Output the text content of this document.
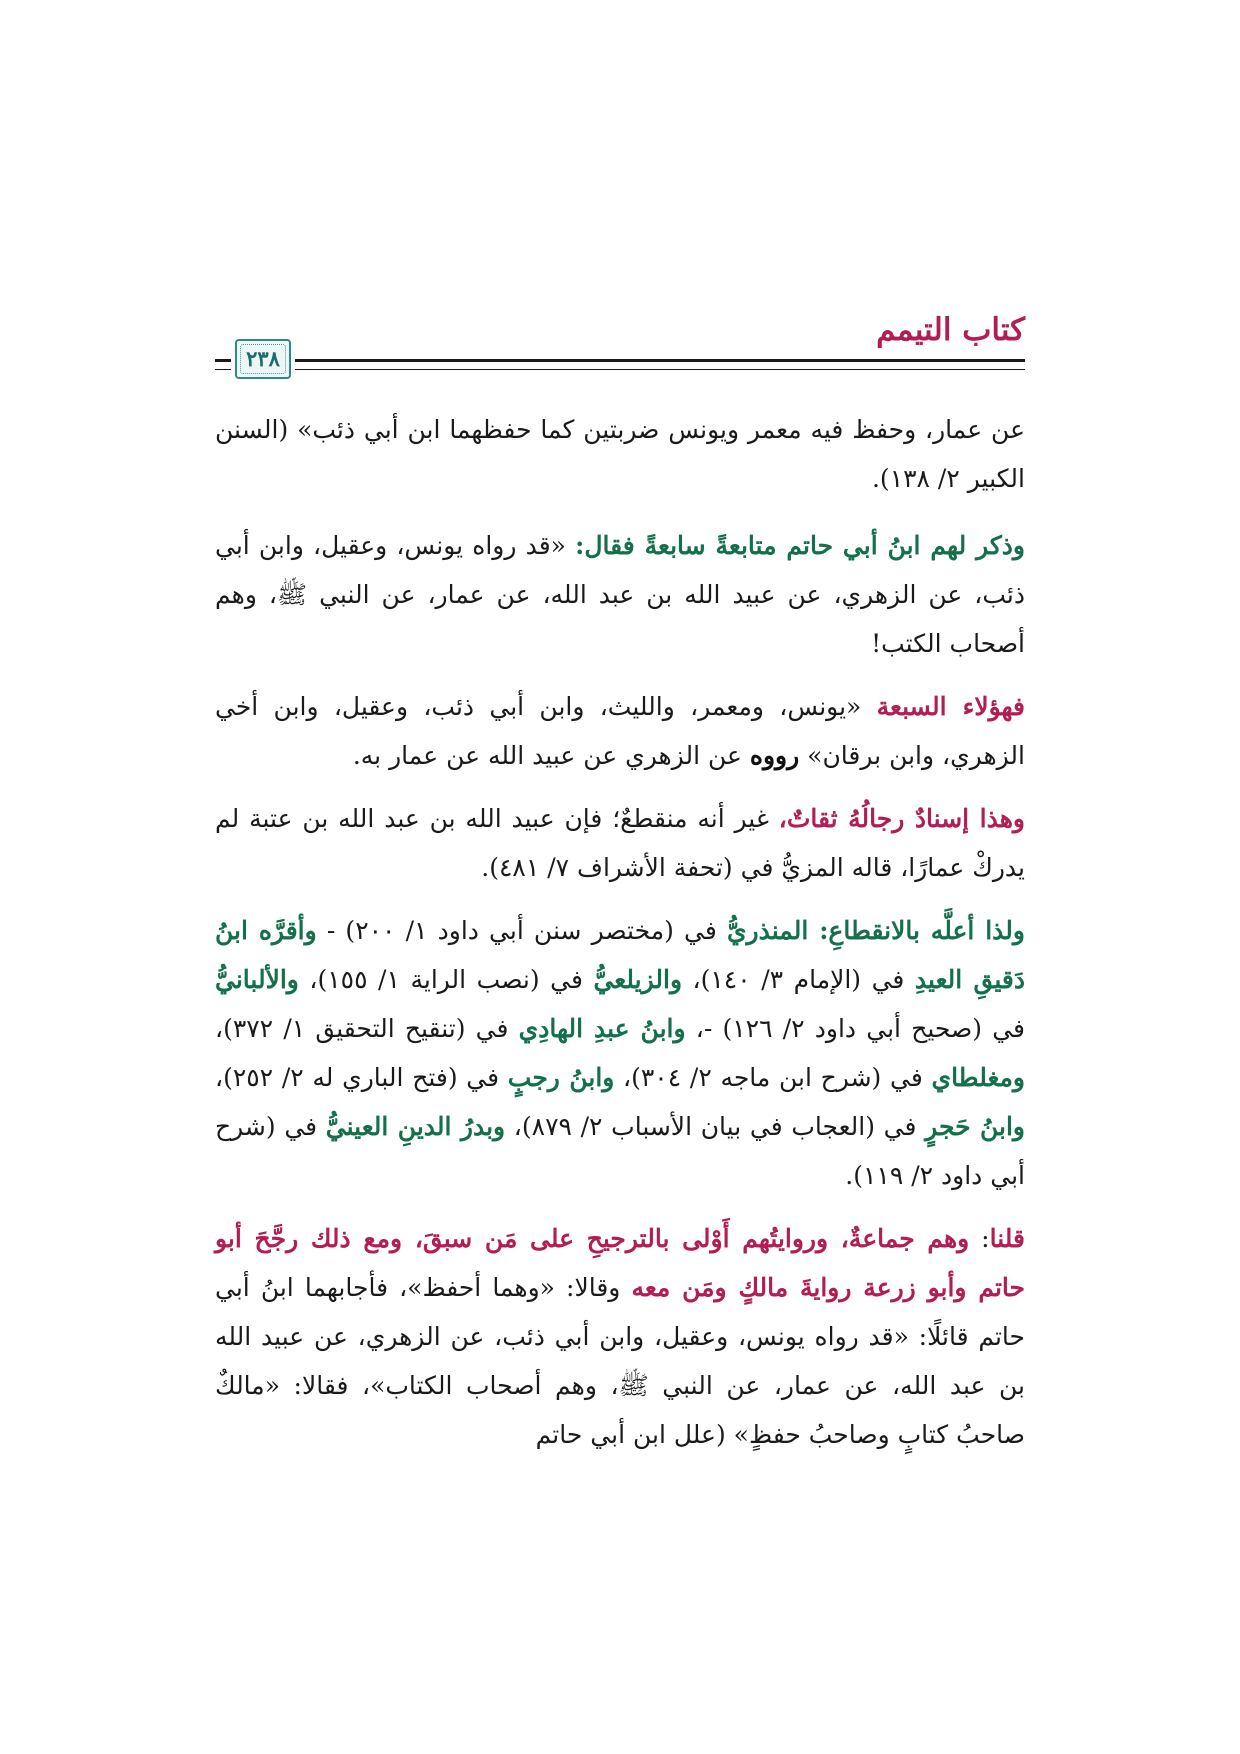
كتاب التيمم
٢٣٨

عن عمار، وحفظ فيه معمر ويونس ضربتين كما حفظهما ابن أبي ذئب» (السنن الكبير ٢/ ١٣٨).

وذكر لهم ابنُ أبي حاتم متابعةً سابعةً فقال: «قد رواه يونس، وعقيل، وابن أبي ذئب، عن الزهري، عن عبيد الله بن عبد الله، عن عمار، عن النبي ﷺ، وهم أصحاب الكتب!

فهؤلاء السبعة «يونس، ومعمر، والليث، وابن أبي ذئب، وعقيل، وابن أخي الزهري، وابن برقان» رووه عن الزهري عن عبيد الله عن عمار به.

وهذا إسنادٌ رجالُهُ ثقاتٌ، غير أنه منقطعٌ؛ فإن عبيد الله بن عبد الله بن عتبة لم يدركْ عمارًا، قاله المزيُّ في (تحفة الأشراف ٧/ ٤٨١).

ولذا أعلَّه بالانقطاعِ: المنذريُّ في (مختصر سنن أبي داود ١/ ٢٠٠) - وأقرَّه ابنُ دَقيقِ العيدِ في (الإمام ٣/ ١٤٠)، والزيلعيُّ في (نصب الراية ١/ ١٥٥)، والألبانيُّ في (صحيح أبي داود ٢/ ١٢٦) -، وابنُ عبدِ الهادِي في (تنقيح التحقيق ١/ ٣٧٢)، ومغلطاي في (شرح ابن ماجه ٢/ ٣٠٤)، وابنُ رجبٍ في (فتح الباري له ٢/ ٢٥٢)، وابنُ حَجرٍ في (العجاب في بيان الأسباب ٢/ ٨٧٩)، وبدرُ الدينِ العينيُّ في (شرح أبي داود ٢/ ١١٩).

قلنا: وهم جماعةٌ، وروايتُهم أَوْلى بالترجيحِ على مَن سبقَ، ومع ذلك رجَّحَ أبو حاتم وأبو زرعة روايةَ مالكٍ ومَن معه وقالا: «وهما أحفظ»، فأجابهما ابنُ أبي حاتم قائلًا: «قد رواه يونس، وعقيل، وابن أبي ذئب، عن الزهري، عن عبيد الله بن عبد الله، عن عمار، عن النبي ﷺ، وهم أصحاب الكتاب»، فقالا: «مالكٌ صاحبُ كتابٍ وصاحبُ حفظٍ» (علل ابن أبي حاتم
